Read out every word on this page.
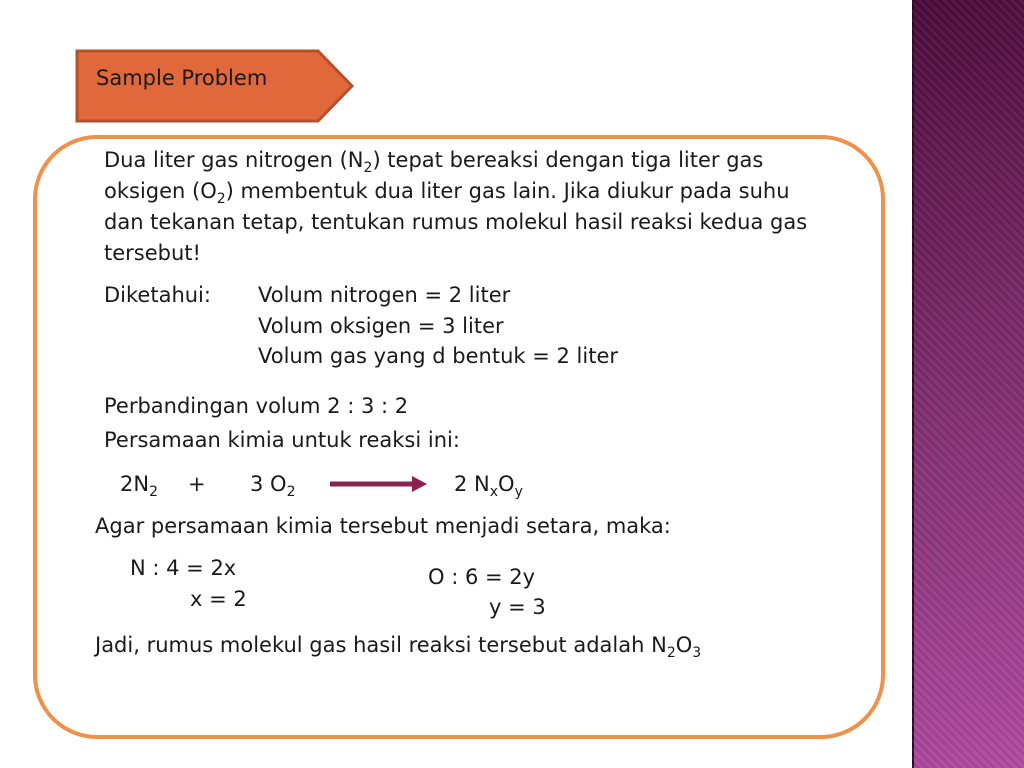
Sample Problem
Dua liter gas nitrogen $(N_2)$ tepat bereaksi dengan tiga liter gas
oksigen $(O_2)$ membentuk dua liter gas lain. Jika diukur pada suhu
dan tekanan tetap, tentukan rumus molekul hasil reaksi kedua gas
tersebut!
Diketahui: Volum nitrogen = 2 liter
Volum oksigen = 3 liter
Volum gas yang d bentuk = 2 liter
Perbandingan volum 2 : 3 : 2
Persamaan kimia untuk reaksi ini:
$2N_2 + 3$ $O_2$	2 $N_xO_y$
Agar persamaan kimia tersebut menjadi setara, maka:
N : 4 = 2x
x = 2
O : 6 = 2y
y = 3
Jadi, rumus molekul gas hasil reaksi tersebut adalah $N_2O_3$
